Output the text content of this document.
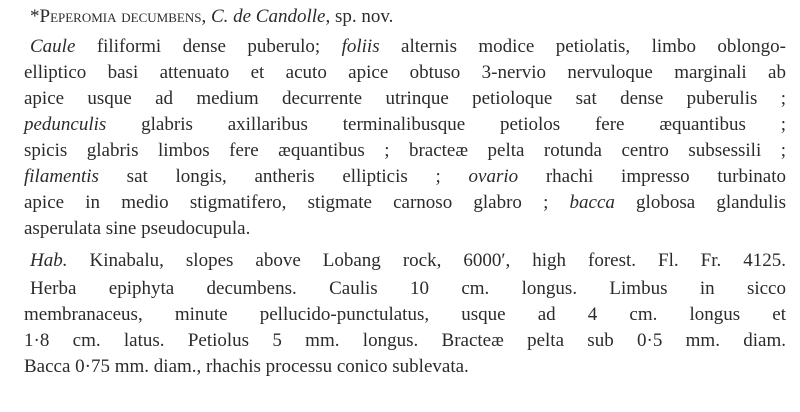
*Peperomia decumbens, C. de Candolle, sp. nov.
Caule filiformi dense puberulo; foliis alternis modice petiolatis, limbo oblongo-
elliptico basi attenuato et acuto apice obtuso 3-nervio nervuloque marginali ab
apice usque ad medium decurrente utrinque petioloque sat dense puberulis ;
pedunculis glabris axillaribus terminalibusque petiolos fere æquantibus ;
spicis glabris limbos fere æquantibus ; bracteæ pelta rotunda centro subsessili ;
filamentis sat longis, antheris ellipticis ; ovario rhachi impresso turbinato
apice in medio stigmatifero, stigmate carnoso glabro ; bacca globosa glandulis
asperulata sine pseudocupula.
Hab. Kinabalu, slopes above Lobang rock, 6000′, high forest. Fl. Fr. 4125.
Herba epiphyta decumbens. Caulis 10 cm. longus. Limbus in sicco
membranaceus, minute pellucido-punctulatus, usque ad 4 cm. longus et
1·8 cm. latus. Petiolus 5 mm. longus. Bracteæ pelta sub 0·5 mm. diam.
Bacca 0·75 mm. diam., rhachis processu conico sublevata.
